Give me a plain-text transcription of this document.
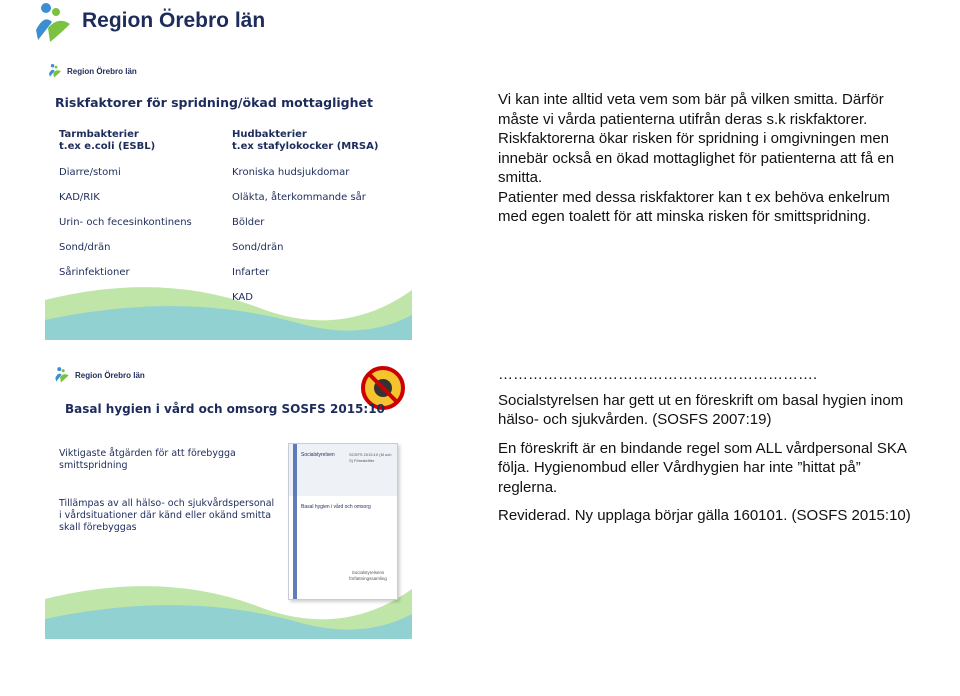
Region Örebro län
Region Örebro län
Riskfaktorer för spridning/ökad mottaglighet
Tarmbakterier
t.ex e.coli (ESBL)
Diarre/stomi
KAD/RIK
Urin- och fecesinkontinens
Sond/drän
Sårinfektioner
Hudbakterier
t.ex stafylokocker (MRSA)
Kroniska hudsjukdomar
Oläkta, återkommande sår
Bölder
Sond/drän
Infarter
KAD
Region Örebro län
Basal hygien i vård och omsorg SOSFS 2015:10
Viktigaste åtgärden för att förebygga smittspridning
Tillämpas av all hälso- och sjukvårdspersonal i vårdsituationer där känd eller okänd smitta skall förebyggas
Socialstyrelsen	SOSFS 2015:10 (M och S) Föreskrifter
Basal hygien i vård och omsorg
Socialstyrelsens författningssamling

Vi kan inte alltid veta vem som bär på vilken smitta. Därför måste vi vårda patienterna utifrån deras s.k riskfaktorer. Riskfaktorerna ökar risken för spridning i omgivningen men innebär också en ökad mottaglighet för patienterna att få en smitta.

Patienter med dessa riskfaktorer kan t ex behöva enkelrum med egen toalett för att minska risken för smittspridning.

……………………………………………………….

Socialstyrelsen har gett ut en föreskrift om basal hygien inom hälso- och sjukvården. (SOSFS 2007:19)

En föreskrift är en bindande regel som ALL vårdpersonal SKA följa. Hygienombud eller Vårdhygien har inte ”hittat på” reglerna.

Reviderad. Ny upplaga börjar gälla 160101. (SOSFS 2015:10)
